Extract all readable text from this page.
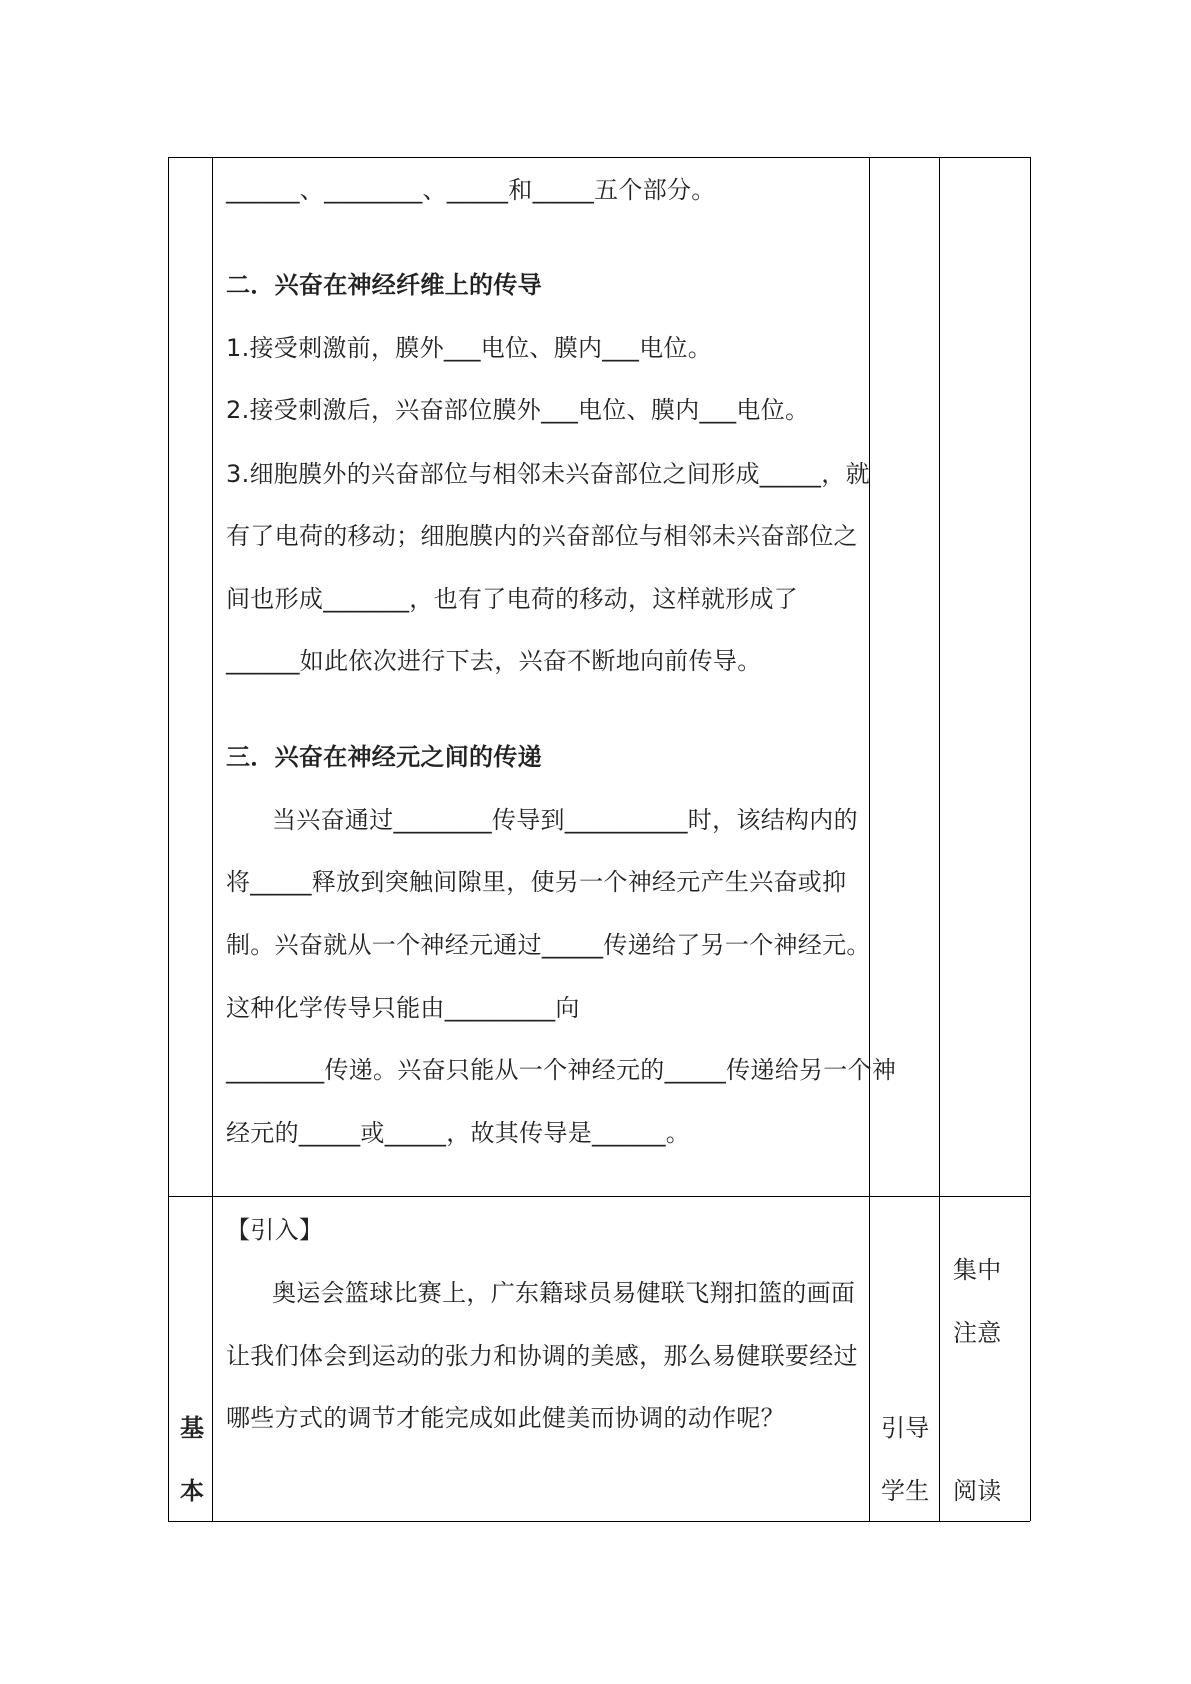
______、________、_____和_____五个部分。
二．兴奋在神经纤维上的传导
1.接受刺激前，膜外___电位、膜内___电位。
2.接受刺激后，兴奋部位膜外___电位、膜内___电位。
3.细胞膜外的兴奋部位与相邻未兴奋部位之间形成_____，就
有了电荷的移动；细胞膜内的兴奋部位与相邻未兴奋部位之
间也形成_______，也有了电荷的移动，这样就形成了
______如此依次进行下去，兴奋不断地向前传导。
三．兴奋在神经元之间的传递
当兴奋通过________传导到__________时，该结构内的
将_____释放到突触间隙里，使另一个神经元产生兴奋或抑
制。兴奋就从一个神经元通过_____传递给了另一个神经元。
这种化学传导只能由_________向
________传递。兴奋只能从一个神经元的_____传递给另一个神
经元的_____或_____，故其传导是______。
基
本
【引入】
奥运会篮球比赛上，广东籍球员易健联飞翔扣篮的画面
让我们体会到运动的张力和协调的美感，那么易健联要经过
哪些方式的调节才能完成如此健美而协调的动作呢？	引导
学生
集中
注意
阅读
